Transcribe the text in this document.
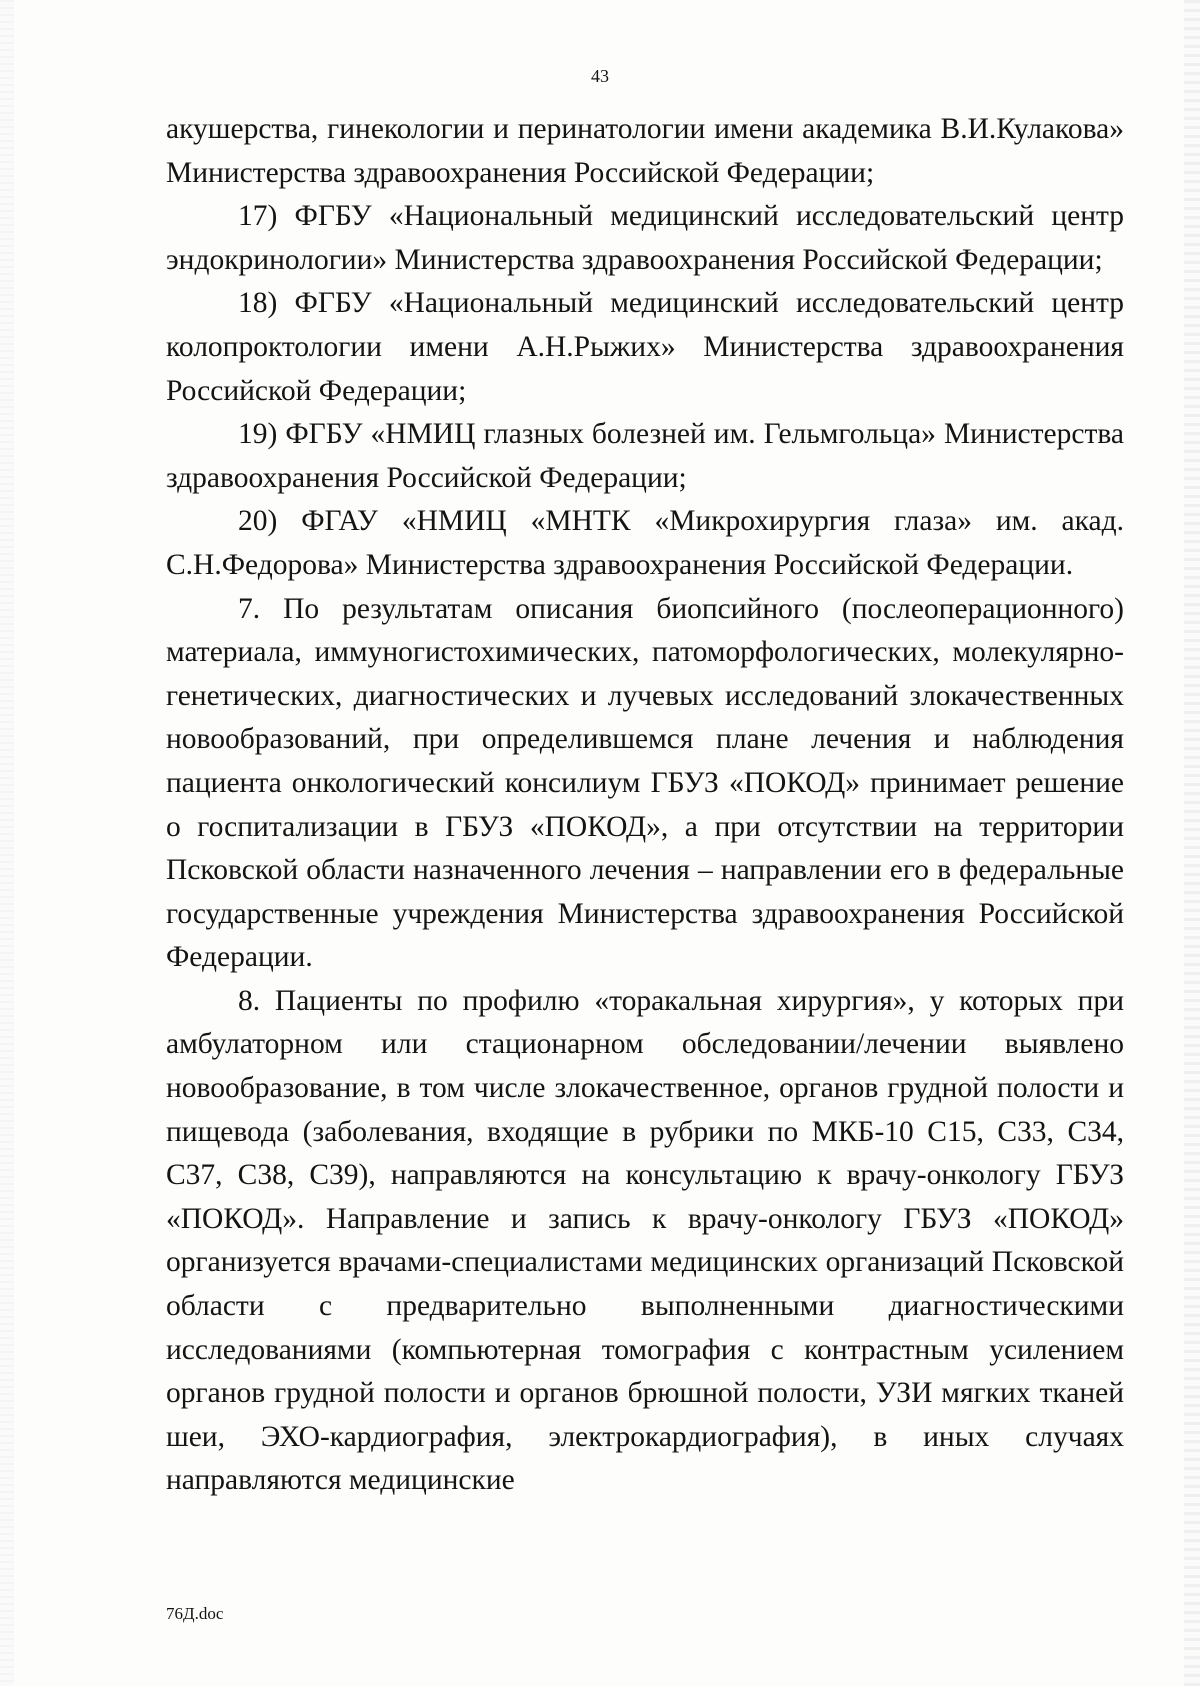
43

акушерства, гинекологии и перинатологии имени академика В.И.Кулакова» Министерства здравоохранения Российской Федерации;

17) ФГБУ «Национальный медицинский исследовательский центр эндокринологии» Министерства здравоохранения Российской Федерации;

18) ФГБУ «Национальный медицинский исследовательский центр колопроктологии имени А.Н.Рыжих» Министерства здравоохранения Российской Федерации;

19) ФГБУ «НМИЦ глазных болезней им. Гельмгольца» Министерства здравоохранения Российской Федерации;

20) ФГАУ «НМИЦ «МНТК «Микрохирургия глаза» им. акад. С.Н.Федорова» Министерства здравоохранения Российской Федерации.

7. По результатам описания биопсийного (послеоперационного) материала, иммуногистохимических, патоморфологических, молекулярно-генетических, диагностических и лучевых исследований злокачественных новообразований, при определившемся плане лечения и наблюдения пациента онкологический консилиум ГБУЗ «ПОКОД» принимает решение о госпитализации в ГБУЗ «ПОКОД», а при отсутствии на территории Псковской области назначенного лечения – направлении его в федеральные государственные учреждения Министерства здравоохранения Российской Федерации.

8. Пациенты по профилю «торакальная хирургия», у которых при амбулаторном или стационарном обследовании/лечении выявлено новообразование, в том числе злокачественное, органов грудной полости и пищевода (заболевания, входящие в рубрики по МКБ-10 С15, С33, С34, С37, С38, С39), направляются на консультацию к врачу-онкологу ГБУЗ «ПОКОД». Направление и запись к врачу-онкологу ГБУЗ «ПОКОД» организуется врачами-специалистами медицинских организаций Псковской области с предварительно выполненными диагностическими исследованиями (компьютерная томография с контрастным усилением органов грудной полости и органов брюшной полости, УЗИ мягких тканей шеи, ЭХО-кардиография, электрокардиография), в иных случаях направляются медицинские

76Д.doc
